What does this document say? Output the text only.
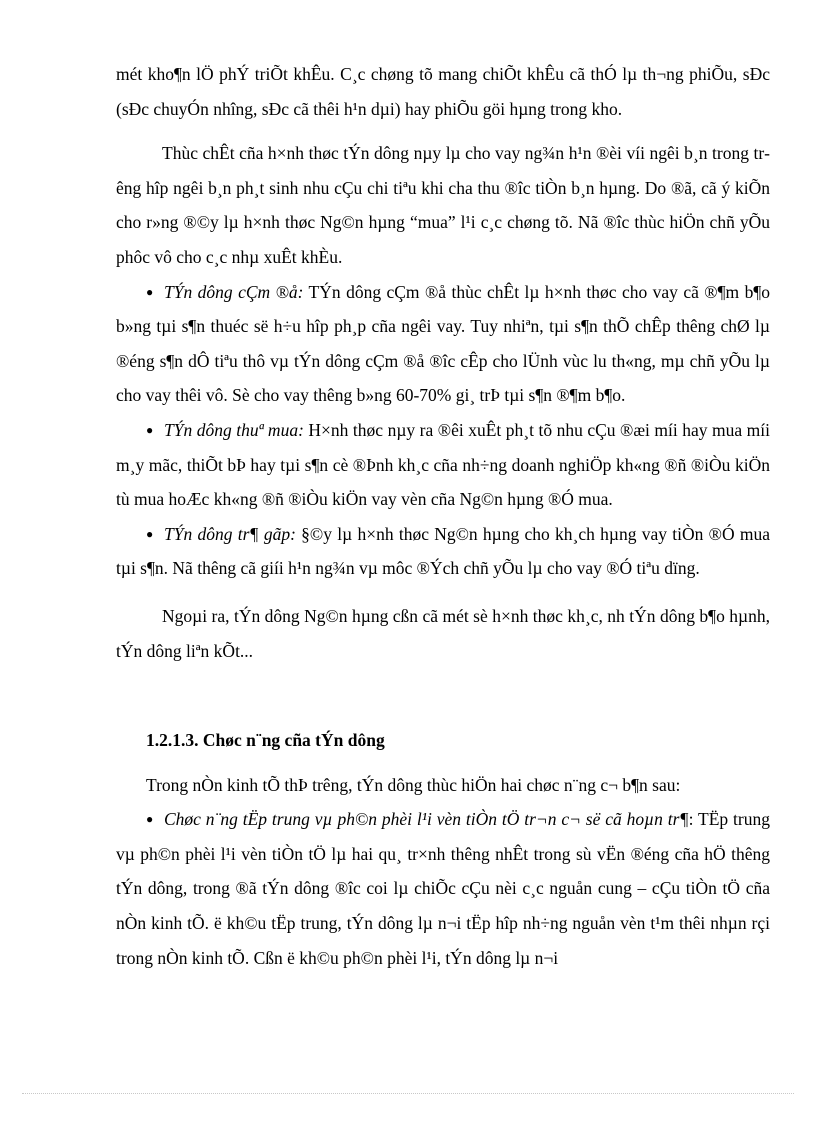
mét kho¶n lÖ phÝ triÕt khÊu. C¸c chøng tõ mang chiÕt khÊu cã thÓ lµ th¬ng phiÕu, sÐc (sÐc chuyÓn nhîng, sÐc cã thêi h¹n dµi) hay phiÕu göi hµng trong kho.

Thùc chÊt cña h×nh thøc tÝn dông nµy lµ cho vay ng¾n h¹n ®èi víi ngêi b¸n trong trêng hîp ngêi b¸n ph¸t sinh nhu cÇu chi tiªu khi cha thu ®îc tiÒn b¸n hµng. Do ®ã, cã ý kiÕn cho r»ng ®©y lµ h×nh thøc Ng©n hµng “mua” l¹i c¸c chøng tõ. Nã ®îc thùc hiÖn chñ yÕu phôc vô cho c¸c nhµ xuÊt khÈu.

● TÝn dông cÇm ®å: TÝn dông cÇm ®å thùc chÊt lµ h×nh thøc cho vay cã ®¶m b¶o b»ng tµi s¶n thuéc së h÷u hîp ph¸p cña ngêi vay. Tuy nhiªn, tµi s¶n thÕ chÊp thêng chØ lµ ®éng s¶n dÔ tiªu thô vµ tÝn dông cÇm ®å ®îc cÊp cho lÜnh vùc lu th«ng, mµ chñ yÕu lµ cho vay thêi vô. Sè cho vay thêng b»ng 60-70% gi¸ trÞ tµi s¶n ®¶m b¶o.

● TÝn dông thuª mua: H×nh thøc nµy ra ®êi xuÊt ph¸t tõ nhu cÇu ®æi míi hay mua míi m¸y mãc, thiÕt bÞ hay tµi s¶n cè ®Þnh kh¸c cña nh÷ng doanh nghiÖp kh«ng ®ñ ®iÒu kiÖn tù mua hoÆc kh«ng ®ñ ®iÒu kiÖn vay vèn cña Ng©n hµng ®Ó mua.

● TÝn dông tr¶ gãp: §©y lµ h×nh thøc Ng©n hµng cho kh¸ch hµng vay tiÒn ®Ó mua tµi s¶n. Nã thêng cã giíi h¹n ng¾n vµ môc ®Ých chñ yÕu lµ cho vay ®Ó tiªu dïng.

Ngoµi ra, tÝn dông Ng©n hµng cßn cã mét sè h×nh thøc kh¸c, nh tÝn dông b¶o hµnh, tÝn dông liªn kÕt...

1.2.1.3. Chøc n¨ng cña tÝn dông

Trong nÒn kinh tÕ thÞ trêng, tÝn dông thùc hiÖn hai chøc n¨ng c¬ b¶n sau:

● Chøc n¨ng tËp trung vµ ph©n phèi l¹i vèn tiÒn tÖ tr¬n c¬ së cã hoµn tr¶: TËp trung vµ ph©n phèi l¹i vèn tiÒn tÖ lµ hai qu¸ tr×nh thêng nhÊt trong sù vËn ®éng cña hÖ thêng tÝn dông, trong ®ã tÝn dông ®îc coi lµ chiÕc cÇu nèi c¸c nguån cung – cÇu tiÒn tÖ cña nÒn kinh tÕ. ë kh©u tËp trung, tÝn dông lµ n¬i tËp hîp nh÷ng nguån vèn t¹m thêi nhµn rçi trong nÒn kinh tÕ. Cßn ë kh©u ph©n phèi l¹i, tÝn dông lµ n¬i
